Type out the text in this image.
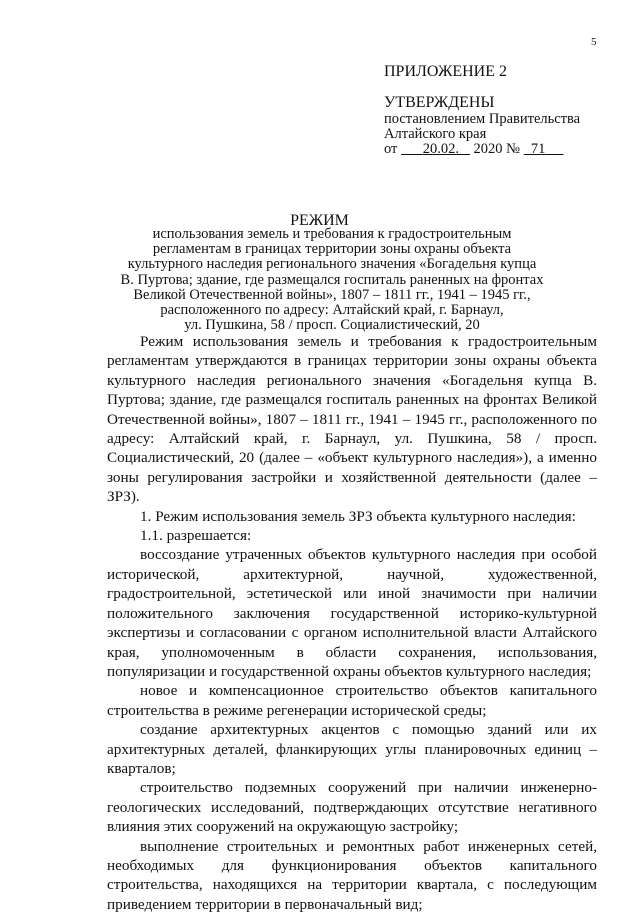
5
ПРИЛОЖЕНИЕ 2
УТВЕРЖДЕНЫ
постановлением Правительства
Алтайского края
от 20.02. 2020 № 71
РЕЖИМ
использования земель и требования к градостроительным
регламентам в границах территории зоны охраны объекта
культурного наследия регионального значения «Богадельня купца
В. Пуртова; здание, где размещался госпиталь раненных на фронтах
Великой Отечественной войны», 1807 – 1811 гг., 1941 – 1945 гг.,
расположенного по адресу: Алтайский край, г. Барнаул,
ул. Пушкина, 58 / просп. Социалистический, 20

Режим использования земель и требования к градостроительным регламентам утверждаются в границах территории зоны охраны объекта культурного наследия регионального значения «Богадельня купца В. Пуртова; здание, где размещался госпиталь раненных на фронтах Великой Отечественной войны», 1807 – 1811 гг., 1941 – 1945 гг., расположенного по адресу: Алтайский край, г. Барнаул, ул. Пушкина, 58 / просп. Социалистический, 20 (далее – «объект культурного наследия»), а именно зоны регулирования застройки и хозяйственной деятельности (далее – ЗРЗ).

1. Режим использования земель ЗРЗ объекта культурного наследия:

1.1. разрешается:

воссоздание утраченных объектов культурного наследия при особой исторической, архитектурной, научной, художественной, градостроительной, эстетической или иной значимости при наличии положительного заключения государственной историко-культурной экспертизы и согласовании с органом исполнительной власти Алтайского края, уполномоченным в области сохранения, использования, популяризации и государственной охраны объектов культурного наследия;

новое и компенсационное строительство объектов капитального строительства в режиме регенерации исторической среды;

создание архитектурных акцентов с помощью зданий или их архитектурных деталей, фланкирующих углы планировочных единиц – кварталов;

строительство подземных сооружений при наличии инженерно-геологических исследований, подтверждающих отсутствие негативного влияния этих сооружений на окружающую застройку;

выполнение строительных и ремонтных работ инженерных сетей, необходимых для функционирования объектов капитального строительства, находящихся на территории квартала, с последующим приведением территории в первоначальный вид;
